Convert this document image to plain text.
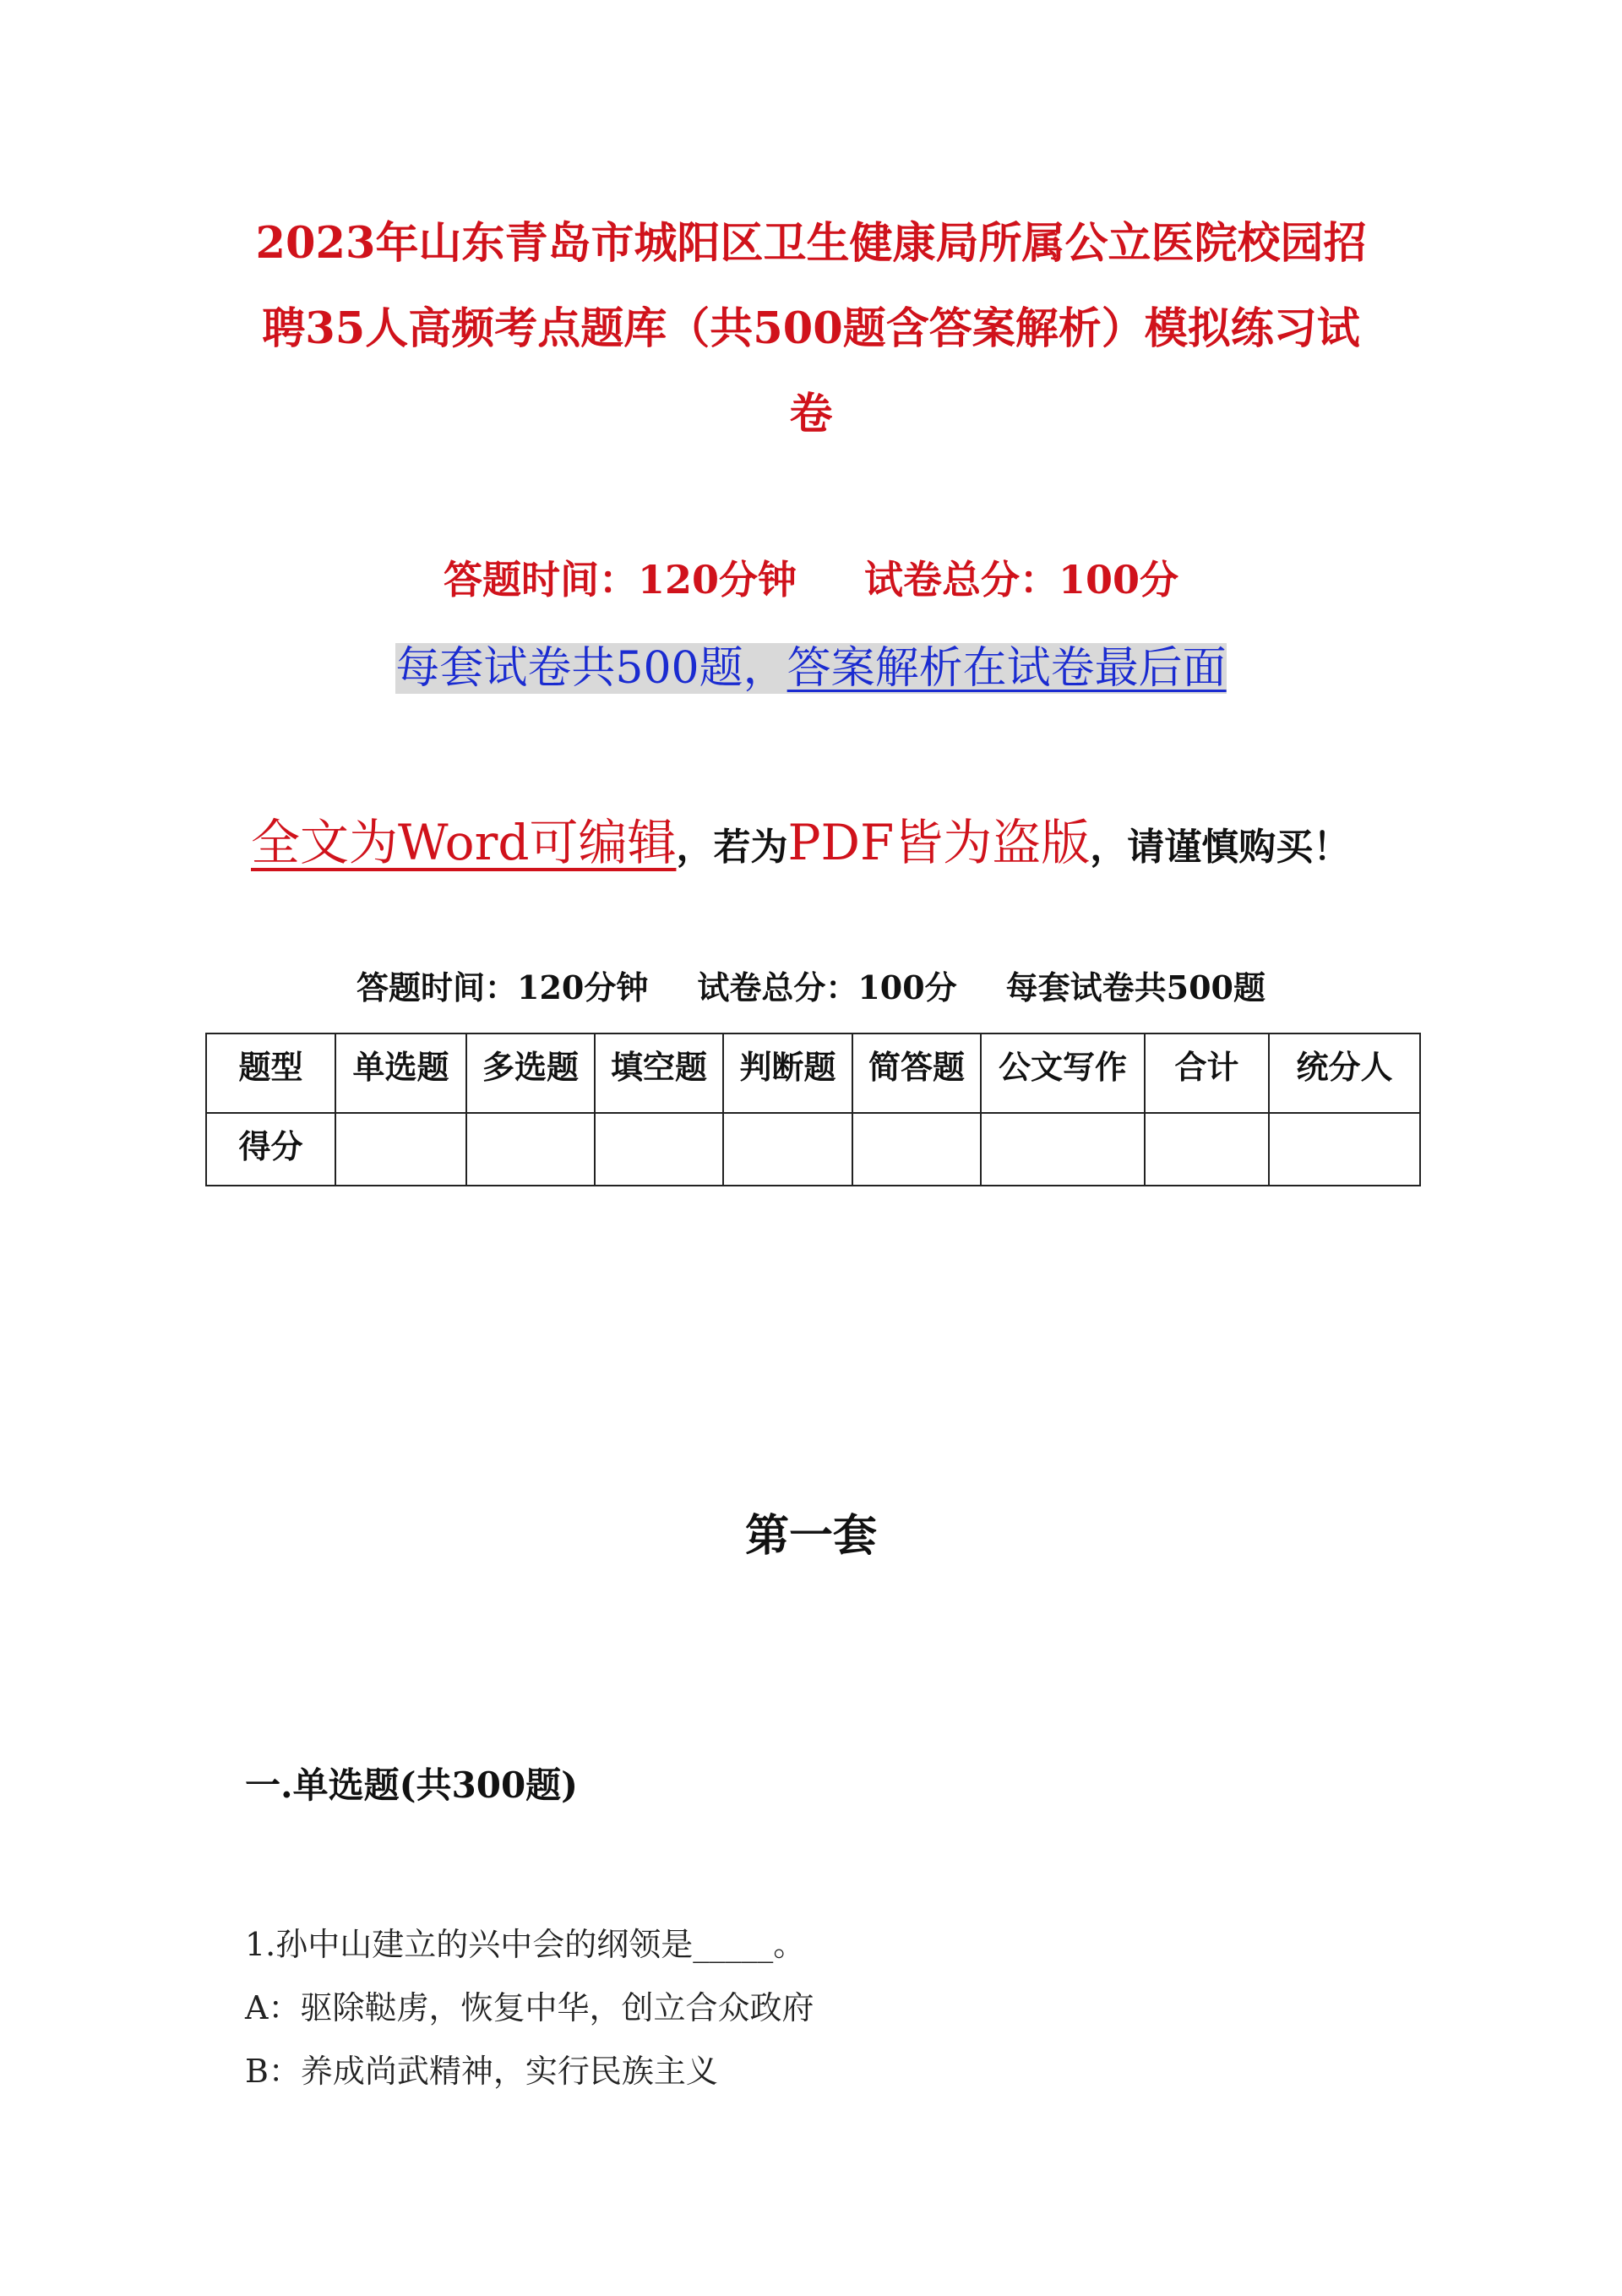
2023年山东青岛市城阳区卫生健康局所属公立医院校园招
聘35人高频考点题库（共500题含答案解析）模拟练习试
卷
答题时间：120分钟 试卷总分：100分
每套试卷共500题，答案解析在试卷最后面
全文为Word可编辑，若为PDF皆为盗版，请谨慎购买！
答题时间：120分钟 试卷总分：100分 每套试卷共500题
题型	单选题	多选题	填空题	判断题	简答题	公文写作	合计	统分人
得分								
第一套
一.单选题(共300题)
1.孙中山建立的兴中会的纲领是_____。
A：驱除鞑虏，恢复中华，创立合众政府
B：养成尚武精神，实行民族主义
